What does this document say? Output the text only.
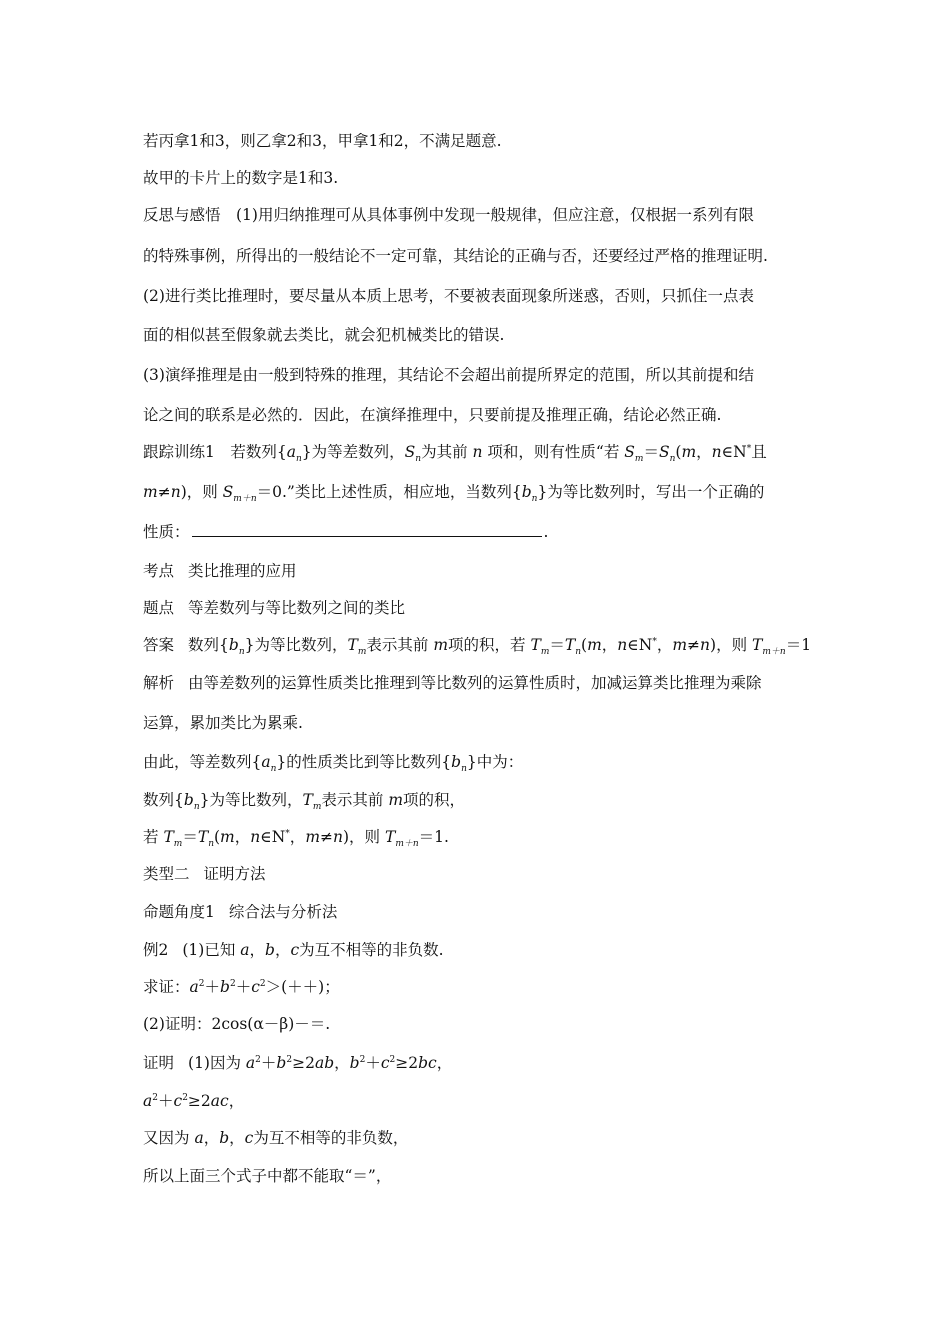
若丙拿1和3，则乙拿2和3，甲拿1和2，不满足题意.
故甲的卡片上的数字是1和3.
反思与感悟　(1)用归纳推理可从具体事例中发现一般规律，但应注意，仅根据一系列有限
的特殊事例，所得出的一般结论不一定可靠，其结论的正确与否，还要经过严格的推理证明.
(2)进行类比推理时，要尽量从本质上思考，不要被表面现象所迷惑，否则，只抓住一点表
面的相似甚至假象就去类比，就会犯机械类比的错误.
(3)演绎推理是由一般到特殊的推理，其结论不会超出前提所界定的范围，所以其前提和结
论之间的联系是必然的．因此，在演绎推理中，只要前提及推理正确，结论必然正确.
跟踪训练1　若数列$\{a_n\}$为等差数列，$S_n$为其前 n 项和，则有性质“若 $S_m=S_n(m$，n∈N*且
m≠n)，则 $S_{m+n}=0$.”类比上述性质，相应地，当数列$\{b_n\}$为等比数列时，写出一个正确的
性质：	.
考点 类比推理的应用
题点 等差数列与等比数列之间的类比
答案 数列$\{b_n\}$为等比数列，$T_m$表示其前 m项的积，若 $T_m=T_n(m$，n∈N*，m≠n)，则 $T_{m+n}=1$
解析 由等差数列的运算性质类比推理到等比数列的运算性质时，加减运算类比推理为乘除
运算，累加类比为累乘.
由此，等差数列$\{a_n\}$的性质类比到等比数列$\{b_n\}$中为：
数列$\{b_n\}$为等比数列，$T_m$表示其前 m项的积，
若 $T_m=T_n(m$，n∈N*，m≠n)，则 $T_{m+n}=1$.
类型二 证明方法
命题角度1 综合法与分析法
例2 (1)已知 a，b，c为互不相等的非负数.
求证：$a^2+b^2+c^2>(++)$；
(2)证明：2cos(α－β)－＝.
证明 (1)因为 $a^2+b^2\ge 2ab$，$b^2+c^2\ge 2bc$，
$a^2+c^2\ge 2ac$，
又因为 a，b，c为互不相等的非负数，
所以上面三个式子中都不能取“＝”，
